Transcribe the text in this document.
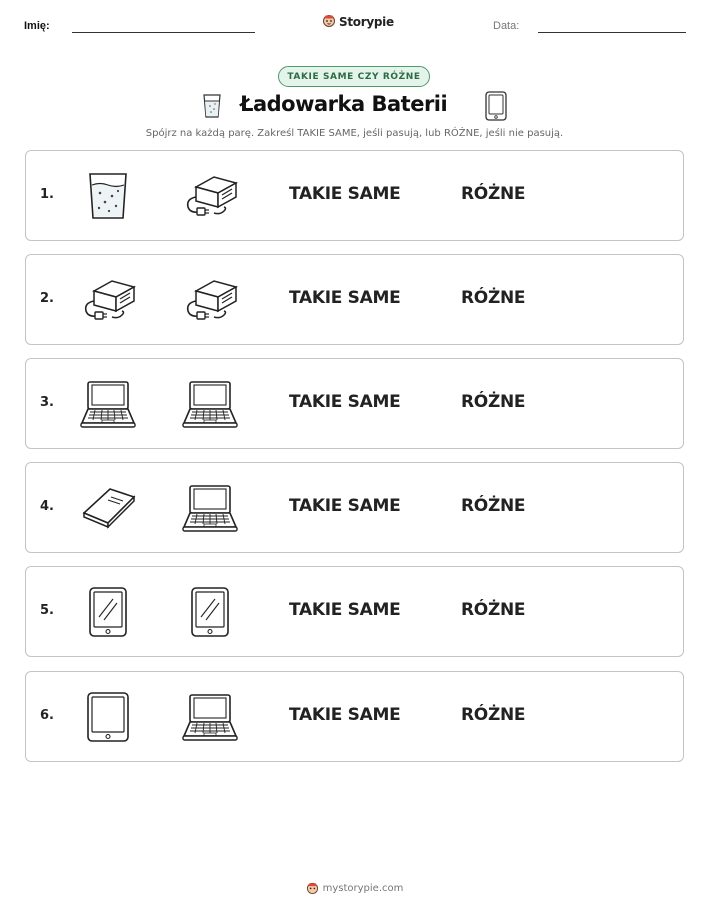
Imię:	Storypie	Data:
TAKIE SAME CZY RÓŻNE
Ładowarka Baterii
Spójrz na każdą parę. Zakreśl TAKIE SAME, jeśli pasują, lub RÓŻNE, jeśli nie pasują.
1.	TAKIE SAME	RÓŻNE
2.	TAKIE SAME	RÓŻNE
3.	TAKIE SAME	RÓŻNE
4.	TAKIE SAME	RÓŻNE
5.	TAKIE SAME	RÓŻNE
6.	TAKIE SAME	RÓŻNE
mystorypie.com
